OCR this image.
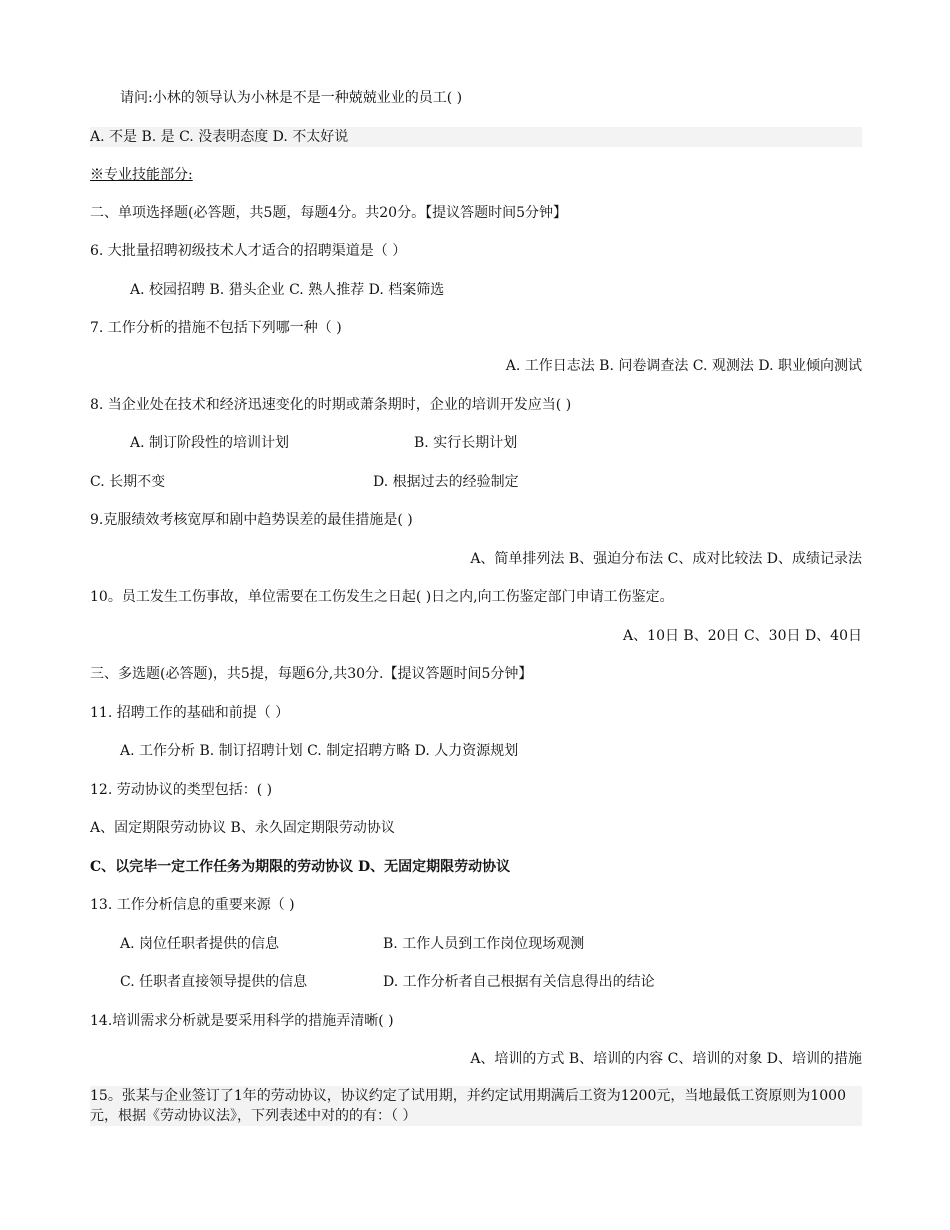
请问:小林的领导认为小林是不是一种兢兢业业的员工( )
A. 不是 B. 是 C. 没表明态度 D. 不太好说
※专业技能部分:
二、单项选择题(必答题，共5题，每题4分。共20分。【提议答题时间5分钟】
6. 大批量招聘初级技术人才适合的招聘渠道是（ ）
A. 校园招聘 B. 猎头企业 C. 熟人推荐 D. 档案筛选
7. 工作分析的措施不包括下列哪一种（ )
A. 工作日志法 B. 问卷调查法 C. 观测法 D. 职业倾向测试
8. 当企业处在技术和经济迅速变化的时期或萧条期时，企业的培训开发应当( )
A. 制订阶段性的培训计划	B. 实行长期计划
C. 长期不变	D. 根据过去的经验制定
9.克服绩效考核宽厚和剧中趋势误差的最佳措施是( )
A、简单排列法 B、强迫分布法 C、成对比较法 D、成绩记录法
10。员工发生工伤事故，单位需要在工伤发生之日起( )日之内,向工伤鉴定部门申请工伤鉴定。
A、10日 B、20日 C、30日 D、40日
三、多选题(必答题)，共5提，每题6分,共30分.【提议答题时间5分钟】
11. 招聘工作的基础和前提（ ）
A. 工作分析 B. 制订招聘计划 C. 制定招聘方略 D. 人力资源规划
12. 劳动协议的类型包括：( )
A、固定期限劳动协议 B、永久固定期限劳动协议
C、以完毕一定工作任务为期限的劳动协议 D、无固定期限劳动协议
13. 工作分析信息的重要来源（ )
A. 岗位任职者提供的信息	B. 工作人员到工作岗位现场观测
C. 任职者直接领导提供的信息	D. 工作分析者自己根据有关信息得出的结论
14.培训需求分析就是要采用科学的措施弄清晰( )
A、培训的方式 B、培训的内容 C、培训的对象 D、培训的措施
15。张某与企业签订了1年的劳动协议，协议约定了试用期，并约定试用期满后工资为1200元，当地最低工资原则为1000元，根据《劳动协议法》，下列表述中对的的有：（ ）
